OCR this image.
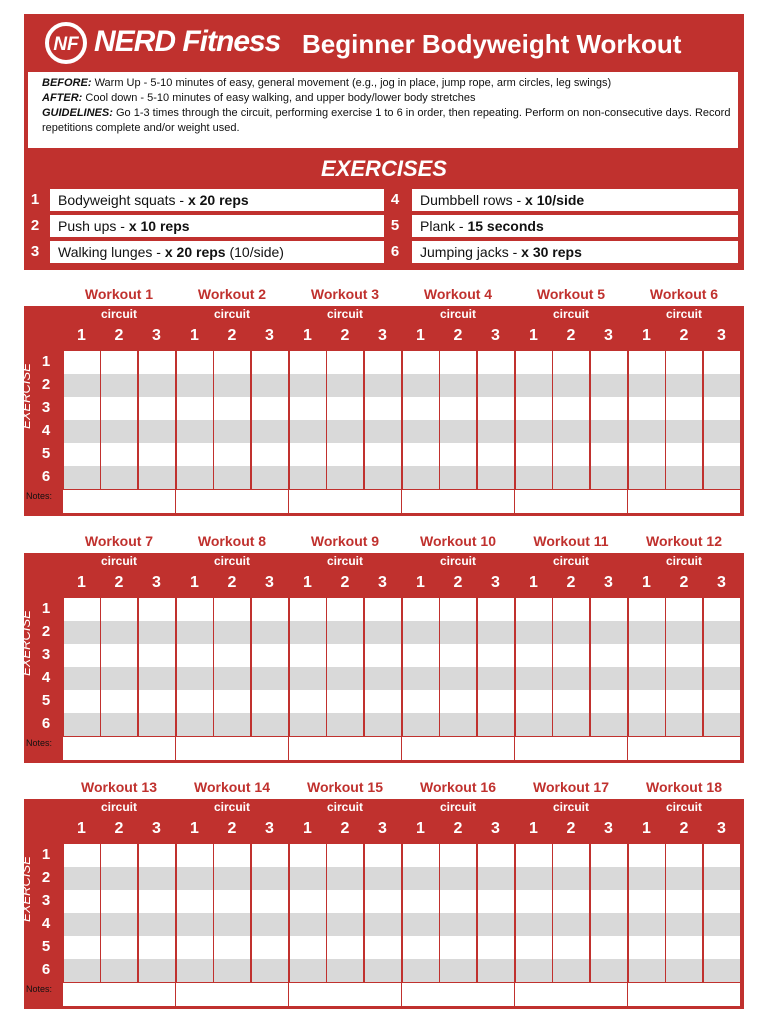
NF NERD Fitness Beginner Bodyweight Workout
BEFORE: Warm Up - 5-10 minutes of easy, general movement (e.g., jog in place, jump rope, arm circles, leg swings)
AFTER: Cool down - 5-10 minutes of easy walking, and upper body/lower body stretches
GUIDELINES: Go 1-3 times through the circuit, performing exercise 1 to 6 in order, then repeating. Perform on non-consecutive days. Record repetitions complete and/or weight used.
EXERCISES
1	Bodyweight squats - x 20 reps
2	Push ups - x 10 reps
3	Walking lunges - x 20 reps (10/side)
4	Dumbbell rows - x 10/side
5	Plank - 15 seconds
6	Jumping jacks - x 30 reps
Workout 1
circuit
1	2	3
Workout 2
circuit
1	2	3
Workout 3
circuit
1	2	3
Workout 4
circuit
1	2	3
Workout 5
circuit
1	2	3
Workout 6
circuit
1	2	3
1
2
3
4
5
6
EXERCISE
Notes:
Workout 7
circuit
1	2	3
Workout 8
circuit
1	2	3
Workout 9
circuit
1	2	3
Workout 10
circuit
1	2	3
Workout 11
circuit
1	2	3
Workout 12
circuit
1	2	3
1
2
3
4
5
6
EXERCISE
Notes:
Workout 13
circuit
1	2	3
Workout 14
circuit
1	2	3
Workout 15
circuit
1	2	3
Workout 16
circuit
1	2	3
Workout 17
circuit
1	2	3
Workout 18
circuit
1	2	3
1
2
3
4
5
6
EXERCISE
Notes:
